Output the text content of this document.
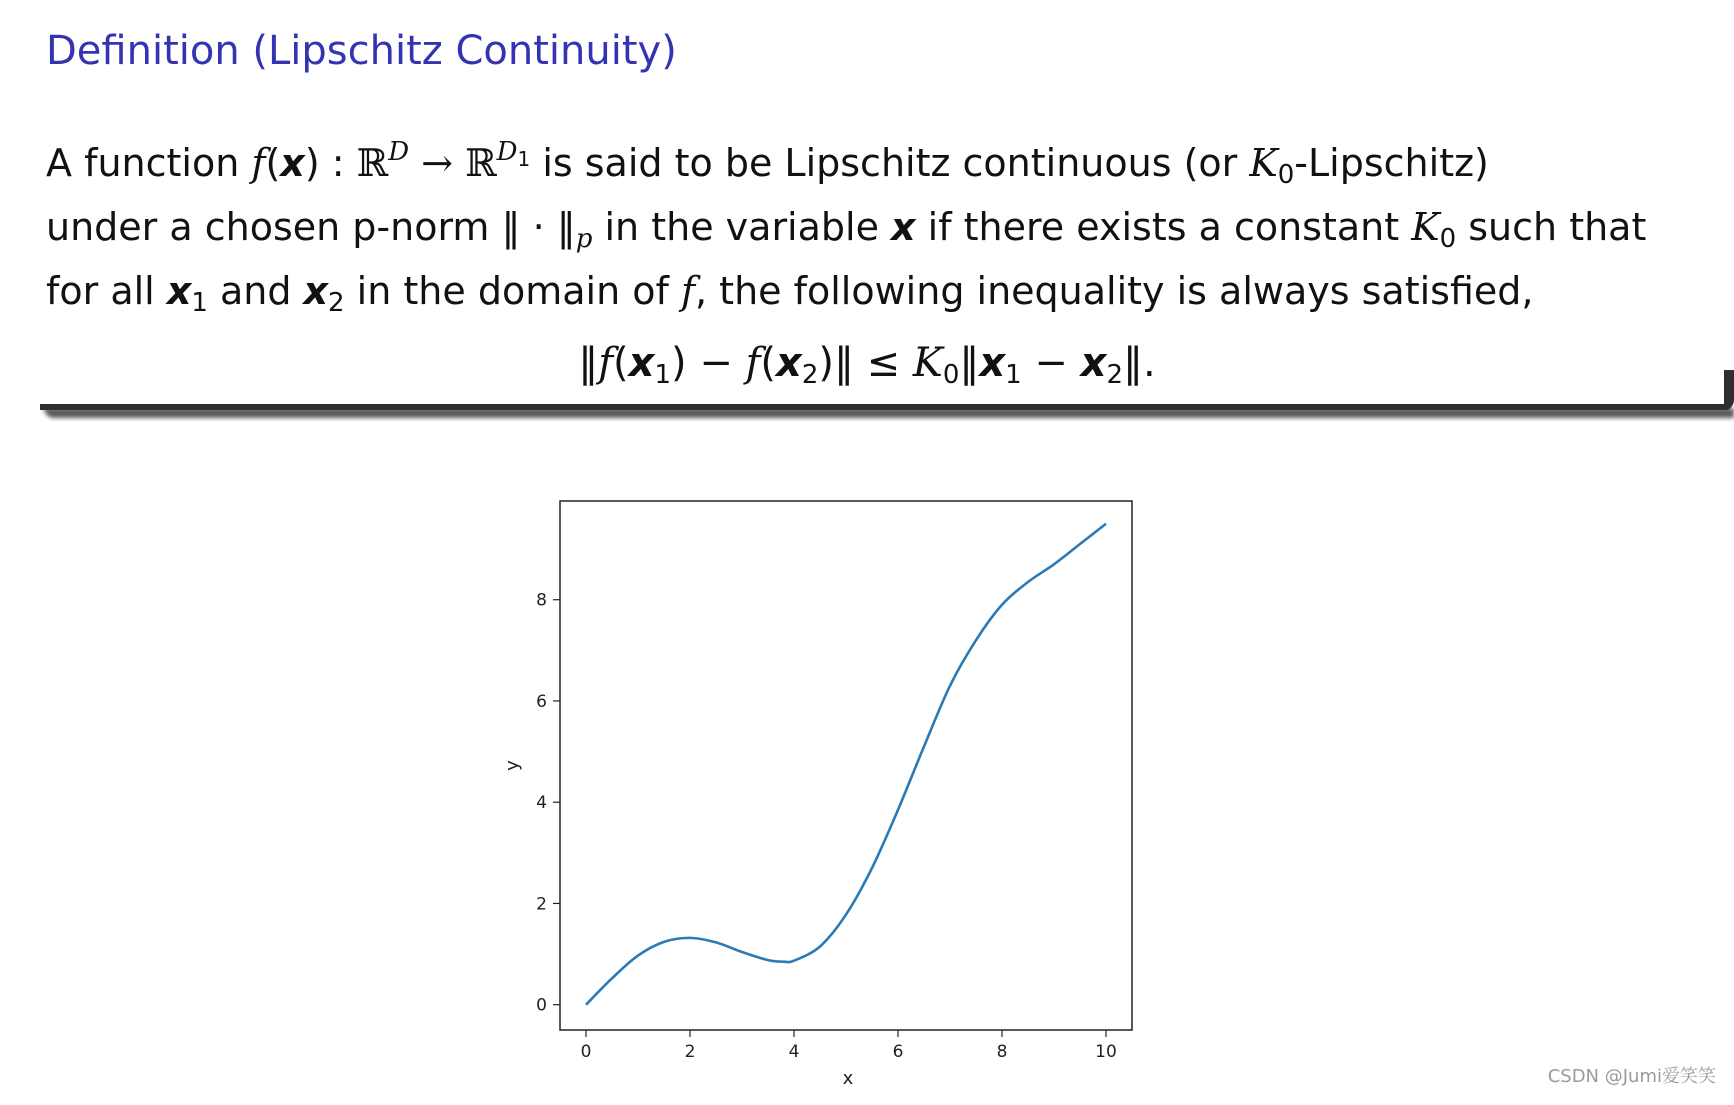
Definition (Lipschitz Continuity)
A function f(x) : ℝ$^D$ → ℝ$^{D1}$ is said to be Lipschitz continuous (or $K_0-Lipschitz$)
under a chosen p-norm ‖ · $‖_p$ in the variable x if there exists a constant $K_0$ such that
for all $x_1$ and $x_2$ in the domain of f, the following inequality is always satisfied,
$‖f(x_1)$ − $f(x_2)‖$ ≤ $K_0‖x_1$ − $x_2‖$.
0	2	4	6	8	10
0
2
4
6
8
x
y
CSDN @Jumi爱笑笑
